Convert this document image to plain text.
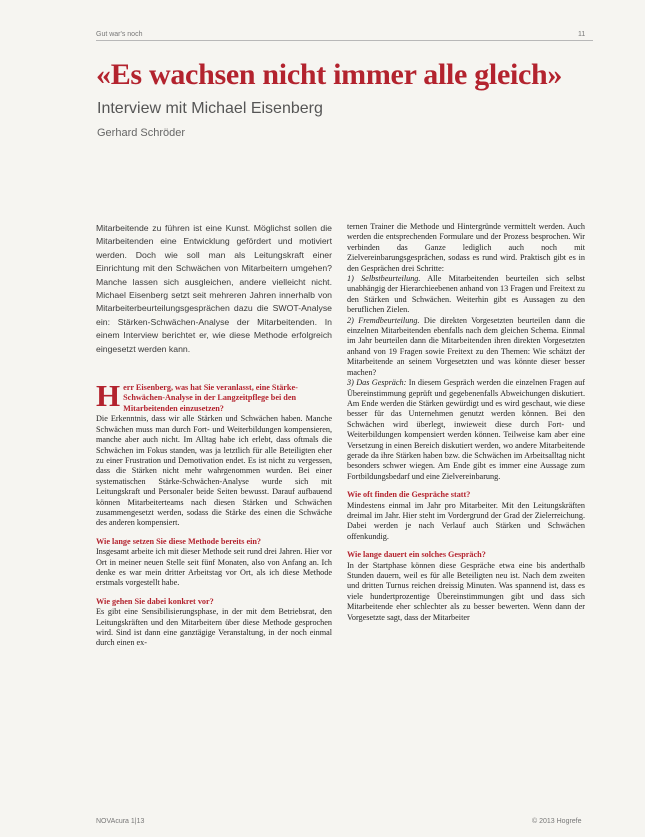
Gut war's noch	11
«Es wachsen nicht immer alle gleich»
Interview mit Michael Eisenberg
Gerhard Schröder

Mitarbeitende zu führen ist eine Kunst. Möglichst sollen die Mitarbeitenden eine Entwicklung gefördert und motiviert werden. Doch wie soll man als Leitungskraft einer Einrichtung mit den Schwächen von Mitarbeitern umgehen? Manche lassen sich ausgleichen, andere vielleicht nicht. Michael Eisenberg setzt seit mehreren Jahren innerhalb von Mitarbeiterbeurteilungsgesprächen dazu die SWOT-Analyse ein: Stärken-Schwächen-Analyse der Mitarbeitenden. In einem Interview berichtet er, wie diese Methode erfolgreich eingesetzt werden kann.

H err Eisenberg, was hat Sie veranlasst, eine Stärke-Schwächen-Analyse in der Langzeitpflege bei den Mitarbeitenden einzusetzen?

Die Erkenntnis, dass wir alle Stärken und Schwächen haben. Manche Schwächen muss man durch Fort- und Weiterbildungen kompensieren, manche aber auch nicht. Im Alltag habe ich erlebt, dass oftmals die Schwächen im Fokus standen, was ja letztlich für alle Beteiligten eher zu einer Frustration und Demotivation endet. Es ist nicht zu vergessen, dass die Stärken nicht mehr wahrgenommen wurden. Bei einer systematischen Stärke-Schwächen-Analyse wurde sich mit Leitungskraft und Personaler beide Seiten bewusst. Darauf aufbauend können Mitarbeiterteams nach diesen Stärken und Schwächen zusammengesetzt werden, sodass die Stärke des einen die Schwäche des anderen kompensiert.

Wie lange setzen Sie diese Methode bereits ein?

Insgesamt arbeite ich mit dieser Methode seit rund drei Jahren. Hier vor Ort in meiner neuen Stelle seit fünf Monaten, also von Anfang an. Ich denke es war mein dritter Arbeitstag vor Ort, als ich diese Methode erstmals vorgestellt habe.

Wie gehen Sie dabei konkret vor?

Es gibt eine Sensibilisierungsphase, in der mit dem Betriebsrat, den Leitungskräften und den Mitarbeitern über diese Methode gesprochen wird. Sind ist dann eine ganztägige Veranstaltung, in der noch einmal durch einen ex-

ternen Trainer die Methode und Hintergründe vermittelt werden. Auch werden die entsprechenden Formulare und der Prozess besprochen. Wir verbinden das Ganze lediglich auch noch mit Zielvereinbarungsgesprächen, sodass es rund wird. Praktisch gibt es in den Gesprächen drei Schritte:

1) Selbstbeurteilung. Alle Mitarbeitenden beurteilen sich selbst unabhängig der Hierarchieebenen anhand von 13 Fragen und Freitext zu den Stärken und Schwächen. Weiterhin gibt es Aussagen zu den beruflichen Zielen.

2) Fremdbeurteilung. Die direkten Vorgesetzten beurteilen dann die einzelnen Mitarbeitenden ebenfalls nach dem gleichen Schema. Einmal im Jahr beurteilen dann die Mitarbeitenden ihren direkten Vorgesetzten anhand von 19 Fragen sowie Freitext zu den Themen: Wie schätzt der Mitarbeitende an seinem Vorgesetzten und was könnte dieser besser machen?

3) Das Gespräch: In diesem Gespräch werden die einzelnen Fragen auf Übereinstimmung geprüft und gegebenenfalls Abweichungen diskutiert. Am Ende werden die Stärken gewürdigt und es wird geschaut, wie diese besser für das Unternehmen genutzt werden können. Bei den Schwächen wird überlegt, inwieweit diese durch Fort- und Weiterbildungen kompensiert werden können. Teilweise kam aber eine Versetzung in einen Bereich diskutiert werden, wo andere Mitarbeitende gerade da ihre Stärken haben bzw. die Schwächen im Arbeitsalltag nicht besonders schwer wiegen. Am Ende gibt es immer eine Aussage zum Fortbildungsbedarf und eine Zielvereinbarung.

Wie oft finden die Gespräche statt?

Mindestens einmal im Jahr pro Mitarbeiter. Mit den Leitungskräften dreimal im Jahr. Hier steht im Vordergrund der Grad der Zielerreichung. Dabei werden je nach Verlauf auch Stärken und Schwächen offenkundig.

Wie lange dauert ein solches Gespräch?

In der Startphase können diese Gespräche etwa eine bis anderthalb Stunden dauern, weil es für alle Beteiligten neu ist. Nach dem zweiten und dritten Turnus reichen dreissig Minuten. Was spannend ist, dass es viele hundertprozentige Übereinstimmungen gibt und dass sich Mitarbeitende eher schlechter als zu besser bewerten. Wenn dann der Vorgesetzte sagt, dass der Mitarbeiter

NOVAcura 1|13	© 2013 Hogrefe
